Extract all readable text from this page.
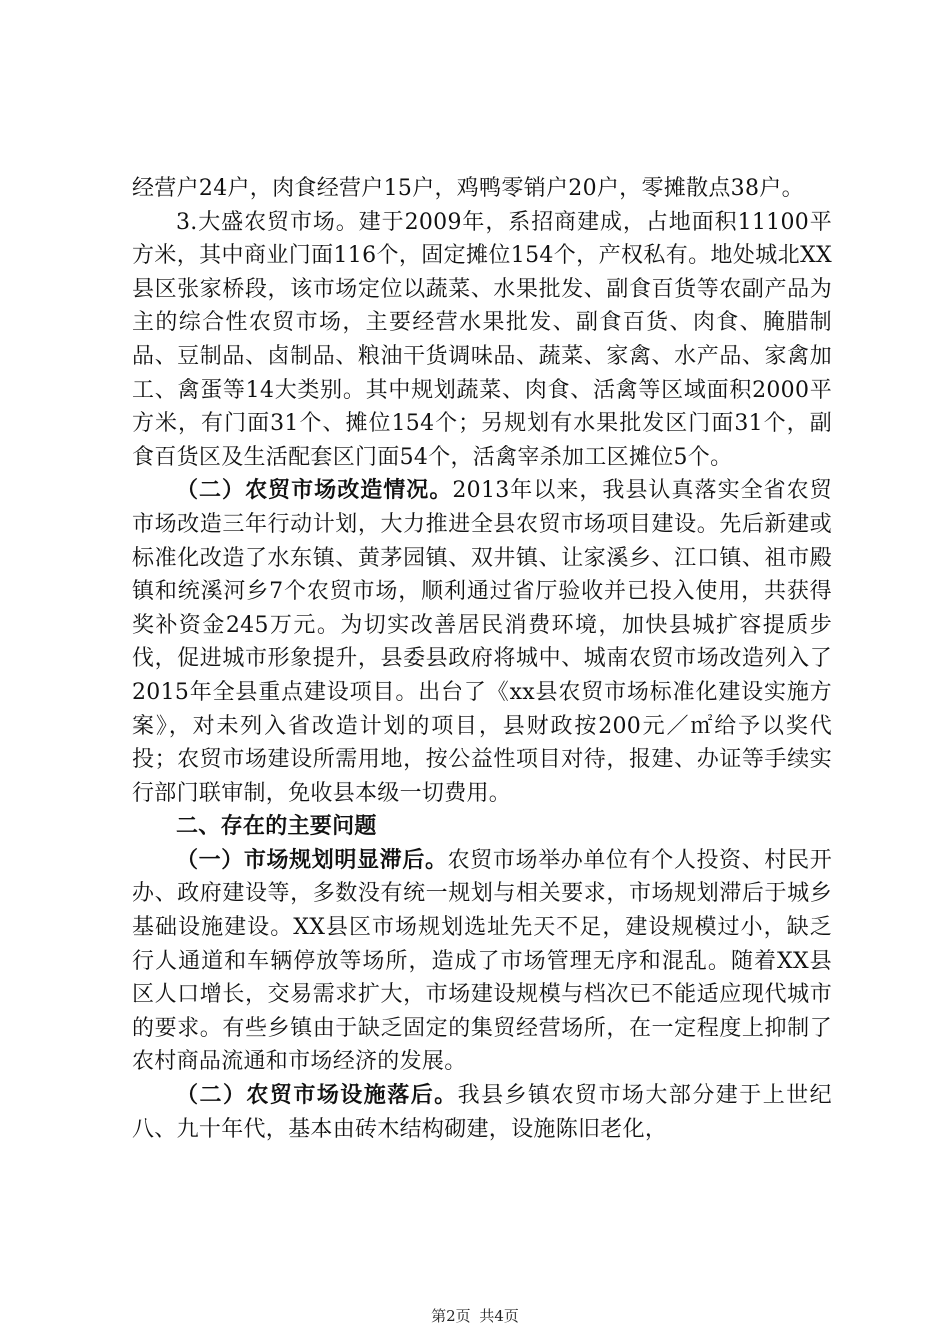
经营户24户，肉食经营户15户，鸡鸭零销户20户，零摊散点38户。

3.大盛农贸市场。建于2009年，系招商建成，占地面积11100平方米，其中商业门面116个，固定摊位154个，产权私有。地处城北XX县区张家桥段，该市场定位以蔬菜、水果批发、副食百货等农副产品为主的综合性农贸市场，主要经营水果批发、副食百货、肉食、腌腊制品、豆制品、卤制品、粮油干货调味品、蔬菜、家禽、水产品、家禽加工、禽蛋等14大类别。其中规划蔬菜、肉食、活禽等区域面积2000平方米，有门面31个、摊位154个；另规划有水果批发区门面31个，副食百货区及生活配套区门面54个，活禽宰杀加工区摊位5个。

（二）农贸市场改造情况。2013年以来，我县认真落实全省农贸市场改造三年行动计划，大力推进全县农贸市场项目建设。先后新建或标准化改造了水东镇、黄茅园镇、双井镇、让家溪乡、江口镇、祖市殿镇和统溪河乡7个农贸市场，顺利通过省厅验收并已投入使用，共获得奖补资金245万元。为切实改善居民消费环境，加快县城扩容提质步伐，促进城市形象提升，县委县政府将城中、城南农贸市场改造列入了2015年全县重点建设项目。出台了《xx县农贸市场标准化建设实施方案》，对未列入省改造计划的项目，县财政按200元／㎡给予以奖代投；农贸市场建设所需用地，按公益性项目对待，报建、办证等手续实行部门联审制，免收县本级一切费用。

二、存在的主要问题

（一）市场规划明显滞后。农贸市场举办单位有个人投资、村民开办、政府建设等，多数没有统一规划与相关要求，市场规划滞后于城乡基础设施建设。XX县区市场规划选址先天不足，建设规模过小，缺乏行人通道和车辆停放等场所，造成了市场管理无序和混乱。随着XX县区人口增长，交易需求扩大，市场建设规模与档次已不能适应现代城市的要求。有些乡镇由于缺乏固定的集贸经营场所，在一定程度上抑制了农村商品流通和市场经济的发展。

（二）农贸市场设施落后。我县乡镇农贸市场大部分建于上世纪八、九十年代，基本由砖木结构砌建，设施陈旧老化，

第2页 共4页
